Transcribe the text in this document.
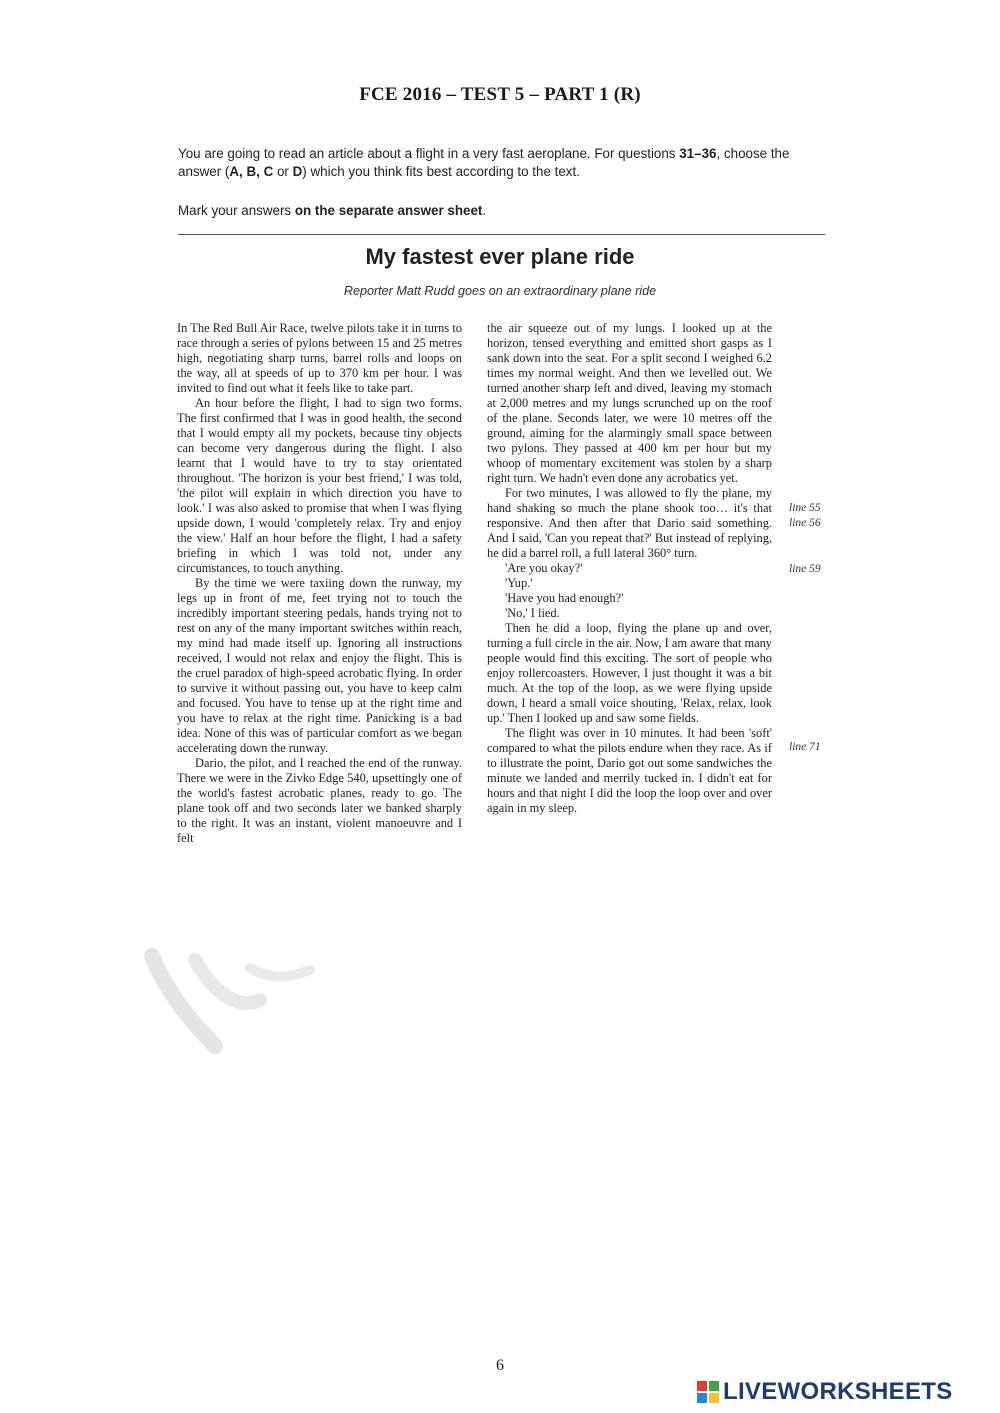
FCE 2016 – TEST 5 – PART 1 (R)
You are going to read an article about a flight in a very fast aeroplane. For questions 31–36, choose the answer (A, B, C or D) which you think fits best according to the text.
Mark your answers on the separate answer sheet.
My fastest ever plane ride
Reporter Matt Rudd goes on an extraordinary plane ride

In The Red Bull Air Race, twelve pilots take it in turns to race through a series of pylons between 15 and 25 metres high, negotiating sharp turns, barrel rolls and loops on the way, all at speeds of up to 370 km per hour. I was invited to find out what it feels like to take part.

An hour before the flight, I had to sign two forms. The first confirmed that I was in good health, the second that I would empty all my pockets, because tiny objects can become very dangerous during the flight. I also learnt that I would have to try to stay orientated throughout. 'The horizon is your best friend,' I was told, 'the pilot will explain in which direction you have to look.' I was also asked to promise that when I was flying upside down, I would 'completely relax. Try and enjoy the view.' Half an hour before the flight, I had a safety briefing in which I was told not, under any circumstances, to touch anything.

By the time we were taxiing down the runway, my legs up in front of me, feet trying not to touch the incredibly important steering pedals, hands trying not to rest on any of the many important switches within reach, my mind had made itself up. Ignoring all instructions received, I would not relax and enjoy the flight. This is the cruel paradox of high-speed acrobatic flying. In order to survive it without passing out, you have to keep calm and focused. You have to tense up at the right time and you have to relax at the right time. Panicking is a bad idea. None of this was of particular comfort as we began accelerating down the runway.

Dario, the pilot, and I reached the end of the runway. There we were in the Zivko Edge 540, upsettingly one of the world's fastest acrobatic planes, ready to go. The plane took off and two seconds later we banked sharply to the right. It was an instant, violent manoeuvre and I felt

the air squeeze out of my lungs. I looked up at the horizon, tensed everything and emitted short gasps as I sank down into the seat. For a split second I weighed 6.2 times my normal weight. And then we levelled out. We turned another sharp left and dived, leaving my stomach at 2,000 metres and my lungs scrunched up on the roof of the plane. Seconds later, we were 10 metres off the ground, aiming for the alarmingly small space between two pylons. They passed at 400 km per hour but my whoop of momentary excitement was stolen by a sharp right turn. We hadn't even done any acrobatics yet.

For two minutes, I was allowed to fly the plane, my hand shaking so much the plane shook too… it's that responsive. And then after that Dario said something. And I said, 'Can you repeat that?' But instead of replying, he did a barrel roll, a full lateral 360° turn.

'Are you okay?'

'Yup.'

'Have you had enough?'

'No,' I lied.

Then he did a loop, flying the plane up and over, turning a full circle in the air. Now, I am aware that many people would find this exciting. The sort of people who enjoy rollercoasters. However, I just thought it was a bit much. At the top of the loop, as we were flying upside down, I heard a small voice shouting, 'Relax, relax, look up.' Then I looked up and saw some fields.

The flight was over in 10 minutes. It had been 'soft' compared to what the pilots endure when they race. As if to illustrate the point, Dario got out some sandwiches the minute we landed and merrily tucked in. I didn't eat for hours and that night I did the loop the loop over and over again in my sleep.

line 55
line 56
line 59
line 71
6
LIVEWORKSHEETS
